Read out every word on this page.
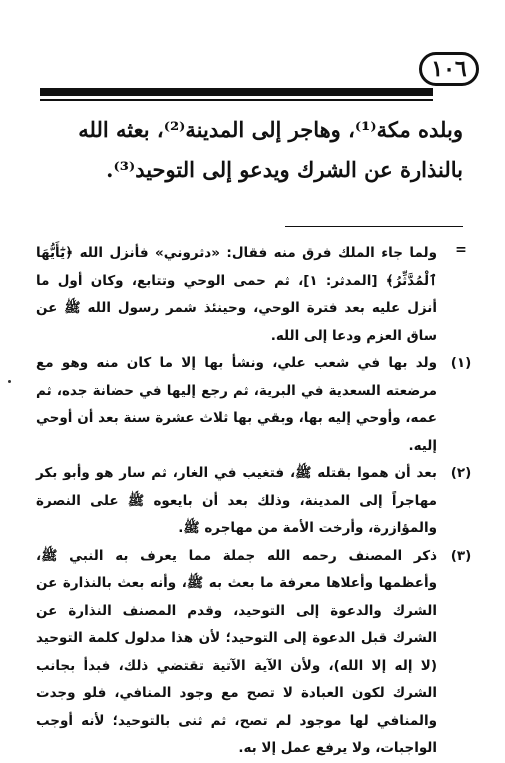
١٠٦
وبلده مكة⁽¹⁾، وهاجر إلى المدينة⁽²⁾، بعثه الله بالنذارة عن الشرك ويدعو إلى التوحيد⁽³⁾.
=
ولما جاء الملك فرق منه فقال: «دثروني» فأنزل الله ﴿يَٰٓأَيُّهَا ٱلْمُدَّثِّرُ﴾ [المدثر: ١]، ثم حمى الوحي وتتابع، وكان أول ما أنزل عليه بعد فترة الوحي، وحينئذ شمر رسول الله ﷺ عن ساق العزم ودعا إلى الله.
(١)
ولد بها في شعب علي، ونشأ بها إلا ما كان منه وهو مع مرضعته السعدية في البرية، ثم رجع إليها في حضانة جده، ثم عمه، وأوحي إليه بها، وبقي بها ثلاث عشرة سنة بعد أن أوحي إليه.
(٢)
بعد أن هموا بقتله ﷺ، فتغيب في الغار، ثم سار هو وأبو بكر مهاجراً إلى المدينة، وذلك بعد أن بايعوه ﷺ على النصرة والمؤازرة، وأرخت الأمة من مهاجره ﷺ.
(٣)
ذكر المصنف رحمه الله جملة مما يعرف به النبي ﷺ، وأعظمها وأعلاها معرفة ما بعث به ﷺ، وأنه بعث بالنذارة عن الشرك والدعوة إلى التوحيد، وقدم المصنف النذارة عن الشرك قبل الدعوة إلى التوحيد؛ لأن هذا مدلول كلمة التوحيد (لا إله إلا الله)، ولأن الآية الآتية تقتضي ذلك، فبدأ بجانب الشرك لكون العبادة لا تصح مع وجود المنافي، فلو وجدت والمنافي لها موجود لم تصح، ثم ثنى بالتوحيد؛ لأنه أوجب الواجبات، ولا يرفع عمل إلا به.
